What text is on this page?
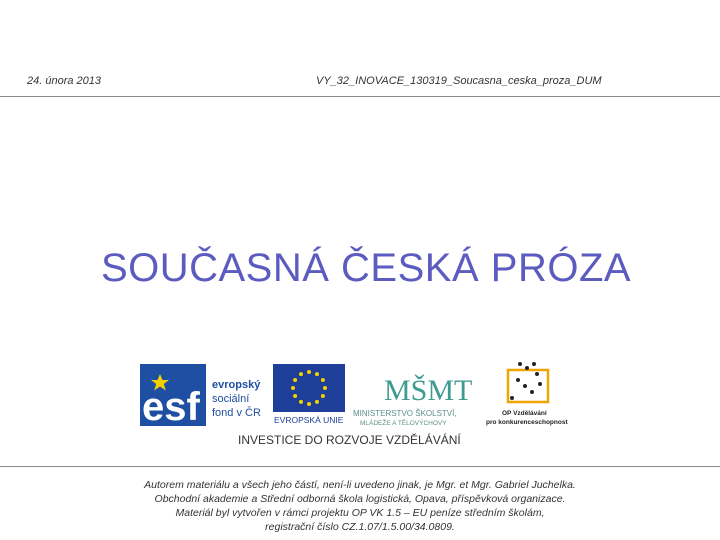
24. února 2013	VY_32_INOVACE_130319_Soucasna_ceska_proza_DUM
SOUČASNÁ ČESKÁ PRÓZA
esf evropský
sociální
fond v ČR
EVROPSKÁ UNIE
MŠMT
MINISTERSTVO ŠKOLSTVÍ,
MLÁDEŽE A TĚLOVÝCHOVY
OP Vzdělávání
pro konkurenceschopnost
INVESTICE DO ROZVOJE VZDĚLÁVÁNÍ
Autorem materiálu a všech jeho částí, není-li uvedeno jinak, je Mgr. et Mgr. Gabriel Juchelka.
Obchodní akademie a Střední odborná škola logistická, Opava, příspěvková organizace.
Materiál byl vytvořen v rámci projektu OP VK 1.5 – EU peníze středním školám,
registrační číslo CZ.1.07/1.5.00/34.0809.
